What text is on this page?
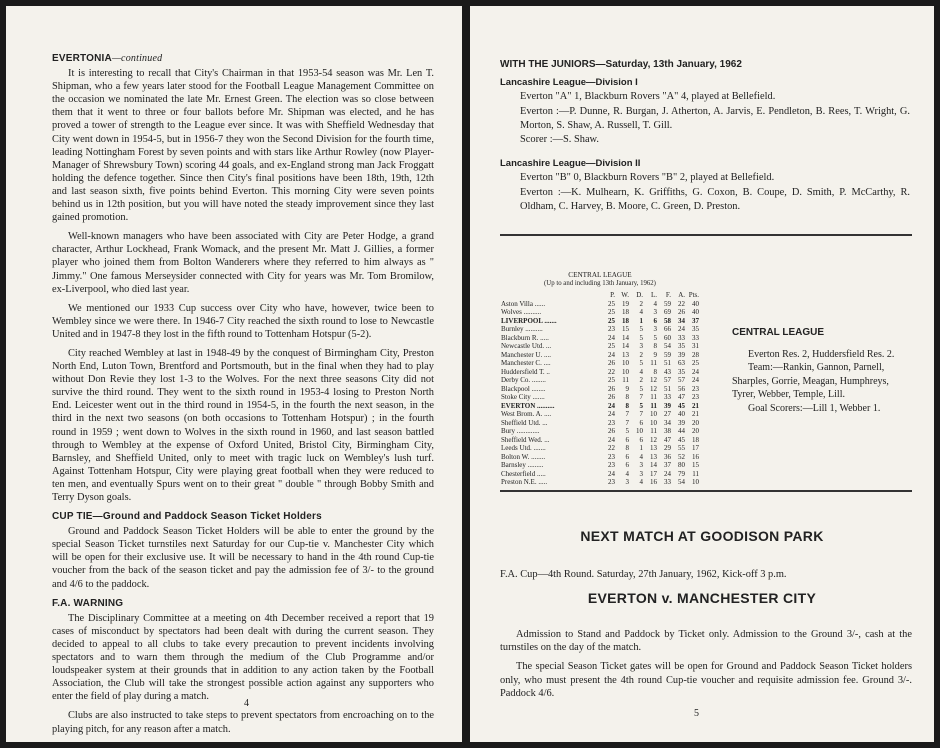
EVERTONIA—continued

It is interesting to recall that City's Chairman in that 1953-54 season was Mr. Len T. Shipman, who a few years later stood for the Football League Management Committee on the occasion we nominated the late Mr. Ernest Green. The election was so close between them that it went to three or four ballots before Mr. Shipman was elected, and he has proved a tower of strength to the League ever since. It was with Sheffield Wednesday that City went down in 1954-5, but in 1956-7 they won the Second Division for the fourth time, leading Nottingham Forest by seven points and with stars like Arthur Rowley (now Player-Manager of Shrewsbury Town) scoring 44 goals, and ex-England strong man Jack Froggatt holding the defence together. Since then City's final positions have been 18th, 19th, 12th and last season sixth, five points behind Everton. This morning City were seven points behind us in 12th position, but you will have noted the steady improvement since they last gained promotion.

Well-known managers who have been associated with City are Peter Hodge, a grand character, Arthur Lockhead, Frank Womack, and the present Mr. Matt J. Gillies, a former player who joined them from Bolton Wanderers where they referred to him always as " Jimmy." One famous Merseysider connected with City for years was Mr. Tom Bromilow, ex-Liverpool, who died last year.

We mentioned our 1933 Cup success over City who have, however, twice been to Wembley since we were there. In 1946-7 City reached the sixth round to lose to Newcastle United and in 1947-8 they lost in the fifth round to Tottenham Hotspur (5-2).

City reached Wembley at last in 1948-49 by the conquest of Birmingham City, Preston North End, Luton Town, Brentford and Portsmouth, but in the final when they had to play without Don Revie they lost 1-3 to the Wolves. For the next three seasons City did not survive the third round. They went to the sixth round in 1953-4 losing to Preston North End. Leicester went out in the third round in 1954-5, in the fourth the next season, in the third in the next two seasons (on both occasions to Tottenham Hotspur) ; in the fourth round in 1959 ; went down to Wolves in the sixth round in 1960, and last season battled through to Wembley at the expense of Oxford United, Bristol City, Birmingham City, Barnsley, and Sheffield United, only to meet with tragic luck on Wembley's lush turf. Against Tottenham Hotspur, City were playing great football when they were reduced to ten men, and eventually Spurs went on to their great " double " through Bobby Smith and Terry Dyson goals.

CUP TIE—Ground and Paddock Season Ticket Holders

Ground and Paddock Season Ticket Holders will be able to enter the ground by the special Season Ticket turnstiles next Saturday for our Cup-tie v. Manchester City which will be open for their exclusive use. It will be necessary to hand in the 4th round Cup-tie voucher from the back of the season ticket and pay the admission fee of 3/- to the ground and 4/6 to the paddock.

F.A. WARNING

The Disciplinary Committee at a meeting on 4th December received a report that 19 cases of misconduct by spectators had been dealt with during the current season. They decided to appeal to all clubs to take every precaution to prevent incidents involving spectators and to warn them through the medium of the Club Programme and/or loudspeaker system at their grounds that in addition to any action taken by the Football Association, the Club will take the strongest possible action against any supporters who enter the field of play during a match.

Clubs are also instructed to take steps to prevent spectators from encroaching on to the playing pitch, for any reason after a match.

4
WITH THE JUNIORS—Saturday, 13th January, 1962
Lancashire League—Division I
Everton "A" 1, Blackburn Rovers "A" 4, played at Bellefield.
Everton :—P. Dunne, R. Burgan, J. Atherton, A. Jarvis, E. Pendleton, B. Rees, T. Wright, G. Morton, S. Shaw, A. Russell, T. Gill.
Scorer :—S. Shaw.
Lancashire League—Division II
Everton "B" 0, Blackburn Rovers "B" 2, played at Bellefield.
Everton :—K. Mulhearn, K. Griffiths, G. Coxon, B. Coupe, D. Smith, P. McCarthy, R. Oldham, C. Harvey, B. Moore, C. Green, D. Preston.
CENTRAL LEAGUE
(Up to and including 13th January, 1962)
	P.	W.	D.	L.	F.	A.	Pts.
Aston Villa ......	25	19	2	4	59	22	40
Wolves ..........	25	18	4	3	69	26	40
LIVERPOOL .......	25	18	1	6	58	34	37
Burnley ..........	23	15	5	3	66	24	35
Blackburn R. .....	24	14	5	5	60	33	33
Newcastle Utd. ...	25	14	3	8	54	35	31
Manchester U. ....	24	13	2	9	59	39	28
Manchester C. ....	26	10	5	11	51	63	25
Huddersfield T. ..	22	10	4	8	43	35	24
Derby Co. ........	25	11	2	12	57	57	24
Blackpool ........	26	9	5	12	51	56	23
Stoke City .......	26	8	7	11	33	47	23
EVERTON ..........	24	8	5	11	39	45	21
West Brom. A. ....	24	7	7	10	27	40	21
Sheffield Utd. ...	23	7	6	10	34	39	20
Bury .............	26	5	10	11	38	44	20
Sheffield Wed. ...	24	6	6	12	47	45	18
Leeds Utd. .......	22	8	1	13	29	55	17
Bolton W. ........	23	6	4	13	36	52	16
Barnsley .........	23	6	3	14	37	80	15
Chesterfield .....	24	4	3	17	24	79	11
Preston N.E. .....	23	3	4	16	33	54	10
CENTRAL LEAGUE
Everton Res. 2, Huddersfield Res. 2.
Team:—Rankin, Gannon, Parnell,
Sharples, Gorrie, Meagan, Humphreys,
Tyrer, Webber, Temple, Lill.
Goal Scorers:—Lill 1, Webber 1.
NEXT MATCH AT GOODISON PARK
F.A. Cup—4th Round. Saturday, 27th January, 1962, Kick-off 3 p.m.
EVERTON v. MANCHESTER CITY

Admission to Stand and Paddock by Ticket only. Admission to the Ground 3/-, cash at the turnstiles on the day of the match.

The special Season Ticket gates will be open for Ground and Paddock Season Ticket holders only, who must present the 4th round Cup-tie voucher and requisite admission fee. Ground 3/-. Paddock 4/6.

5
